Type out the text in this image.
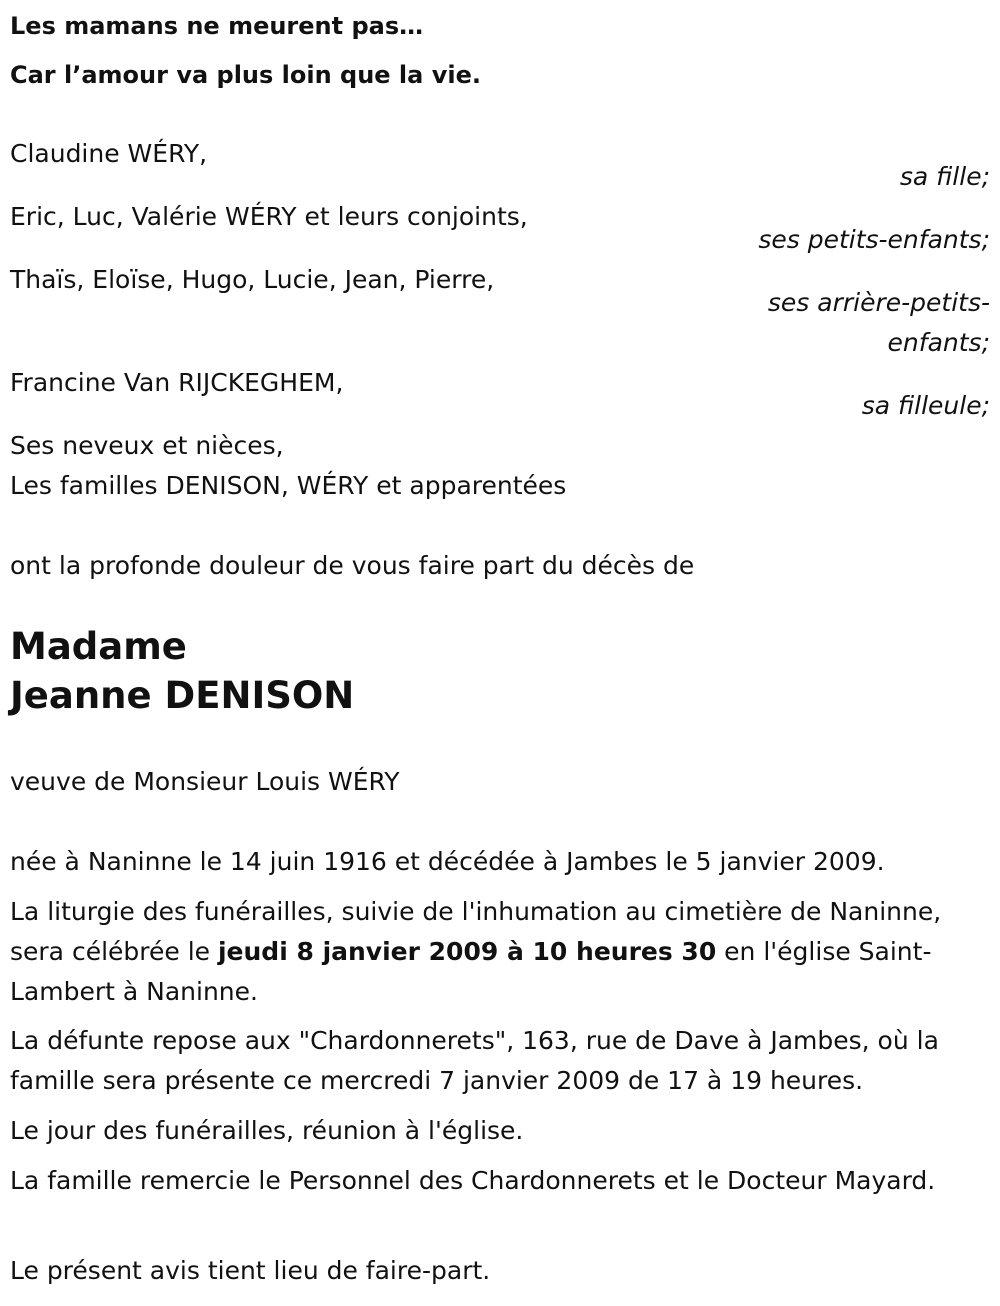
Les mamans ne meurent pas…
Car l’amour va plus loin que la vie.
Claudine WÉRY,
sa fille;
Eric, Luc, Valérie WÉRY et leurs conjoints,
ses petits-enfants;
Thaïs, Eloïse, Hugo, Lucie, Jean, Pierre,
ses arrière-petits-
enfants;
Francine Van RIJCKEGHEM,
sa filleule;
Ses neveux et nièces,
Les familles DENISON, WÉRY et apparentées
ont la profonde douleur de vous faire part du décès de
Madame
Jeanne DENISON
veuve de Monsieur Louis WÉRY
née à Naninne le 14 juin 1916 et décédée à Jambes le 5 janvier 2009.
La liturgie des funérailles, suivie de l'inhumation au cimetière de Naninne, sera célébrée le jeudi 8 janvier 2009 à 10 heures 30 en l'église Saint-Lambert à Naninne.
La défunte repose aux "Chardonnerets", 163, rue de Dave à Jambes, où la famille sera présente ce mercredi 7 janvier 2009 de 17 à 19 heures.
Le jour des funérailles, réunion à l'église.
La famille remercie le Personnel des Chardonnerets et le Docteur Mayard.
Le présent avis tient lieu de faire-part.
